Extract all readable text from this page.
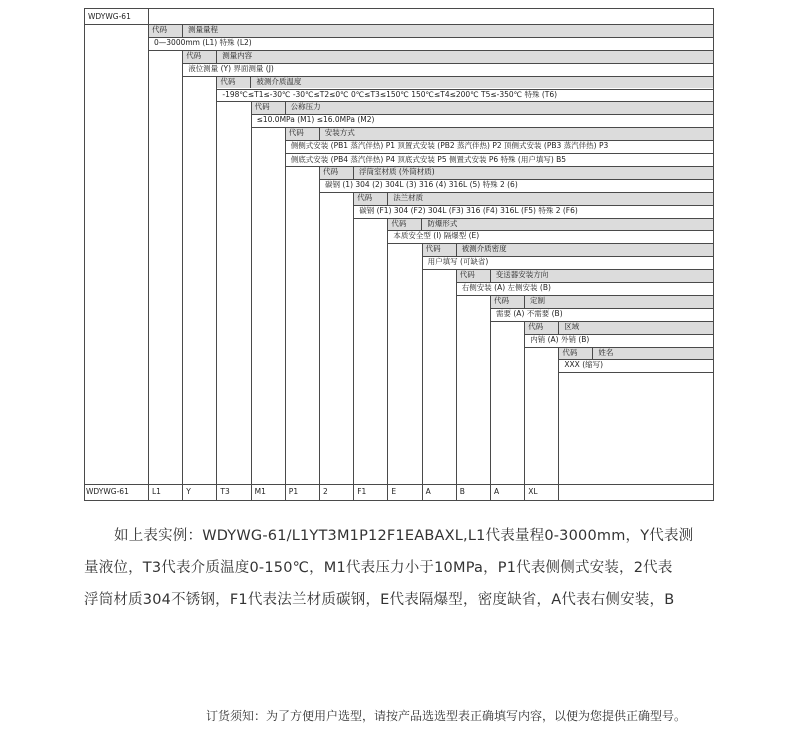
WDYWG-61
代码	测量量程
0—3000mm (L1) 特殊 (L2)
代码	测量内容
液位测量 (Y) 界面测量 (J)
代码	被测介质温度
-198℃≤T1≤-30℃ -30℃≤T2≤0℃ 0℃≤T3≤150℃ 150℃≤T4≤200℃ T5≤-350℃ 特殊 (T6)
代码	公称压力
≤10.0MPa (M1) ≤16.0MPa (M2)
代码	安装方式
侧侧式安装 (PB1 蒸汽伴热) P1 顶置式安装 (PB2 蒸汽伴热) P2 顶侧式安装 (PB3 蒸汽伴热) P3
侧底式安装 (PB4 蒸汽伴热) P4 顶底式安装 P5 侧置式安装 P6 特殊 (用户填写) B5
代码	浮筒室材质 (外筒材质)
碳钢 (1) 304 (2) 304L (3) 316 (4) 316L (5) 特殊 2 (6)
代码	法兰材质
碳钢 (F1) 304 (F2) 304L (F3) 316 (F4) 316L (F5) 特殊 2 (F6)
代码	防爆形式
本质安全型 (I) 隔爆型 (E)
代码	被测介质密度
用户填写 (可缺省)
代码	变送器安装方向
右侧安装 (A) 左侧安装 (B)
代码	定制
需要 (A) 不需要 (B)
代码	区域
内销 (A) 外销 (B)
代码	姓名
XXX (缩写)
WDYWG-61	L1	Y	T3	M1	P1	2	F1	E	A	B	A	XL

如上表实例：WDYWG-61/L1YT3M1P12F1EABAXL,L1代表量程0-3000mm，Y代表测

量液位，T3代表介质温度0-150℃，M1代表压力小于10MPa，P1代表侧侧式安装，2代表

浮筒材质304不锈钢，F1代表法兰材质碳钢，E代表隔爆型，密度缺省，A代表右侧安装，B

订货须知：为了方便用户选型，请按产品选选型表正确填写内容，以便为您提供正确型号。
